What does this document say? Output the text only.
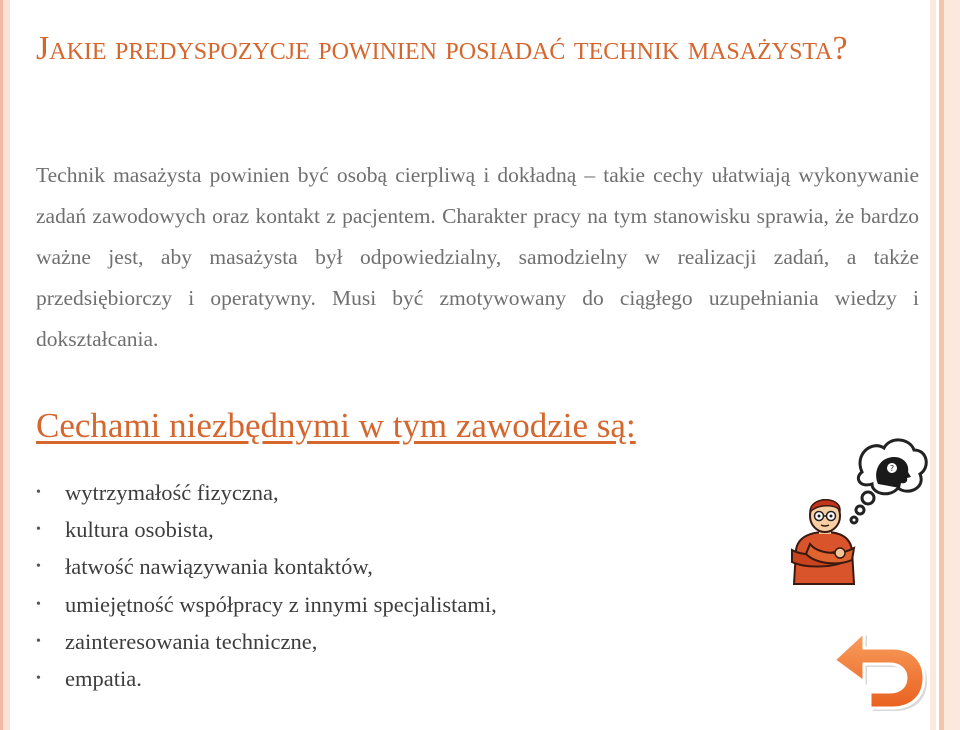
Jakie predyspozycje powinien posiadać technik masażysta?

Technik masażysta powinien być osobą cierpliwą i dokładną – takie cechy ułatwiają wykonywanie zadań zawodowych oraz kontakt z pacjentem. Charakter pracy na tym stanowisku sprawia, że bardzo ważne jest, aby masażysta był odpowiedzialny, samodzielny w realizacji zadań, a także przedsiębiorczy i operatywny. Musi być zmotywowany do ciągłego uzupełniania wiedzy i dokształcania.

Cechami niezbędnymi w tym zawodzie są:
• wytrzymałość fizyczna,
• kultura osobista,
• łatwość nawiązywania kontaktów,
• umiejętność współpracy z innymi specjalistami,
• zainteresowania techniczne,
• empatia.
?
